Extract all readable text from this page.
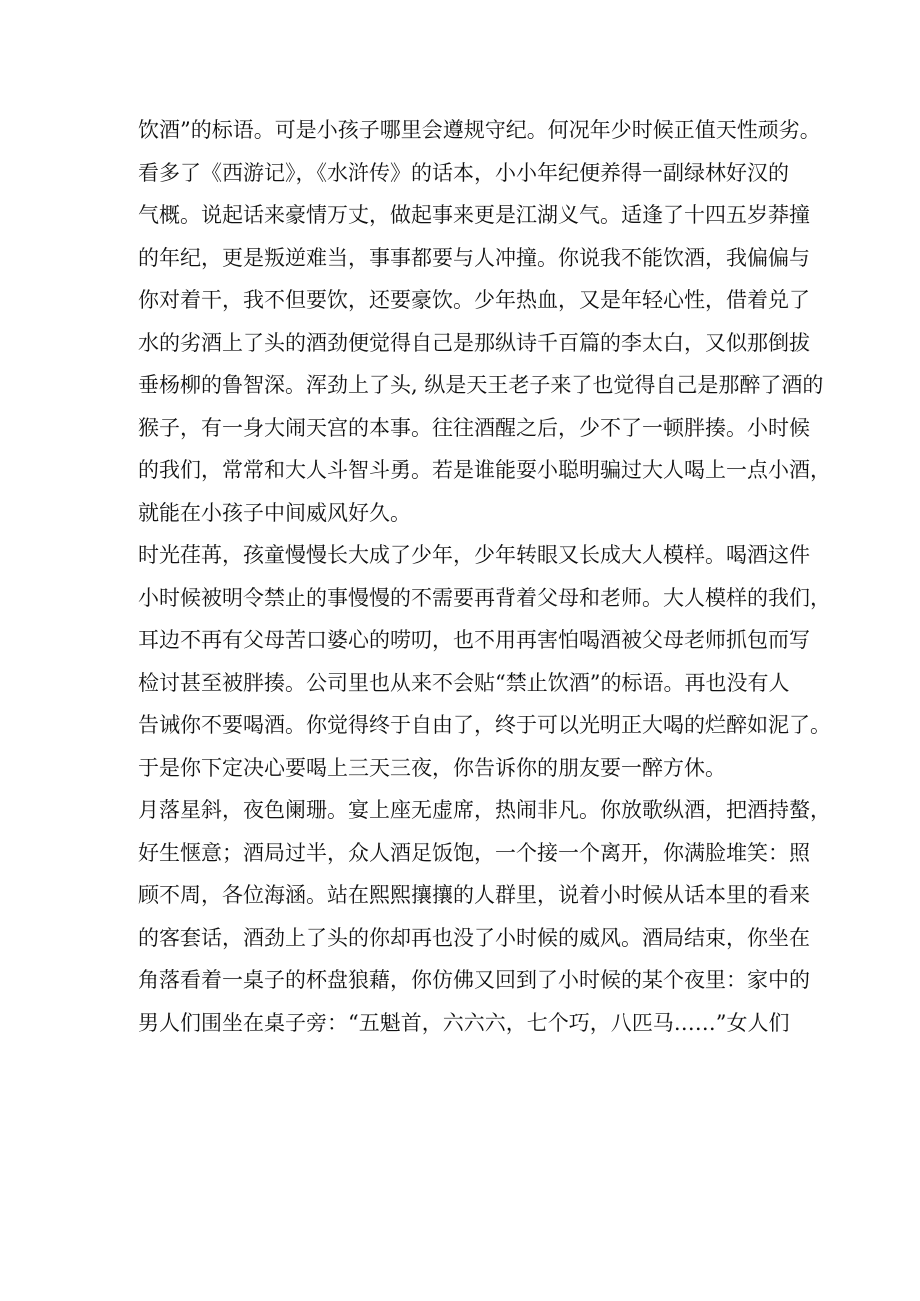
饮酒”的标语。可是小孩子哪里会遵规守纪。何况年少时候正值天性顽劣。
看多了《西游记》，《水浒传》的话本，小小年纪便养得一副绿林好汉的
气概。说起话来豪情万丈，做起事来更是江湖义气。适逢了十四五岁莽撞
的年纪，更是叛逆难当，事事都要与人冲撞。你说我不能饮酒，我偏偏与
你对着干，我不但要饮，还要豪饮。少年热血，又是年轻心性，借着兑了
水的劣酒上了头的酒劲便觉得自己是那纵诗千百篇的李太白，又似那倒拔
垂杨柳的鲁智深。浑劲上了头, 纵是天王老子来了也觉得自己是那醉了酒的
猴子，有一身大闹天宫的本事。往往酒醒之后，少不了一顿胖揍。小时候
的我们，常常和大人斗智斗勇。若是谁能耍小聪明骗过大人喝上一点小酒，
就能在小孩子中间威风好久。
时光荏苒，孩童慢慢长大成了少年，少年转眼又长成大人模样。喝酒这件
小时候被明令禁止的事慢慢的不需要再背着父母和老师。大人模样的我们，
耳边不再有父母苦口婆心的唠叨，也不用再害怕喝酒被父母老师抓包而写
检讨甚至被胖揍。公司里也从来不会贴“禁止饮酒”的标语。再也没有人
告诫你不要喝酒。你觉得终于自由了，终于可以光明正大喝的烂醉如泥了。
于是你下定决心要喝上三天三夜，你告诉你的朋友要一醉方休。
月落星斜，夜色阑珊。宴上座无虚席，热闹非凡。你放歌纵酒，把酒持螯，
好生惬意；酒局过半，众人酒足饭饱，一个接一个离开，你满脸堆笑：照
顾不周，各位海涵。站在熙熙攘攘的人群里，说着小时候从话本里的看来
的客套话，酒劲上了头的你却再也没了小时候的威风。酒局结束，你坐在
角落看着一桌子的杯盘狼藉，你仿佛又回到了小时候的某个夜里：家中的
男人们围坐在桌子旁：“五魁首，六六六，七个巧，八匹马……”女人们
